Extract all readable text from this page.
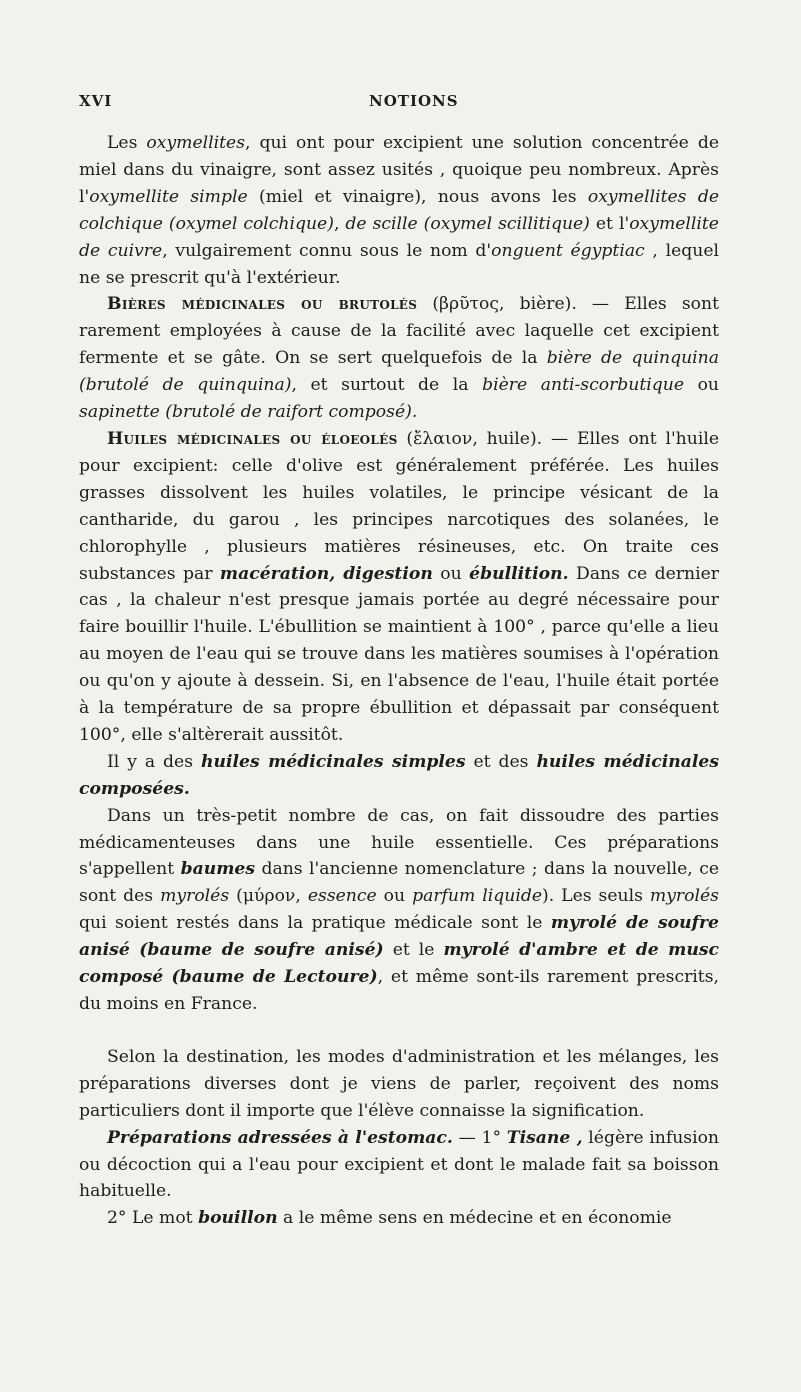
XVI	NOTIONS

Les oxymellites, qui ont pour excipient une solution concentrée de miel dans du vinaigre, sont assez usités , quoique peu nombreux. Après l'oxymellite simple (miel et vinaigre), nous avons les oxymellites de colchique (oxymel colchique), de scille (oxymel scillitique) et l'oxymellite de cuivre, vulgairement connu sous le nom d'onguent égyptiac , lequel ne se prescrit qu'à l'extérieur.

Bières médicinales ou brutolés (βρῦτος, bière). — Elles sont rarement employées à cause de la facilité avec laquelle cet excipient fermente et se gâte. On se sert quelquefois de la bière de quinquina (brutolé de quinquina), et surtout de la bière anti-scorbutique ou sapinette (brutolé de raifort composé).

Huiles médicinales ou éloeolés (ἔλαιον, huile). — Elles ont l'huile pour excipient: celle d'olive est généralement préférée. Les huiles grasses dissolvent les huiles volatiles, le principe vésicant de la cantharide, du garou , les principes narcotiques des solanées, le chlorophylle , plusieurs matières résineuses, etc. On traite ces substances par macération, digestion ou ébullition. Dans ce dernier cas , la chaleur n'est presque jamais portée au degré nécessaire pour faire bouillir l'huile. L'ébullition se maintient à 100° , parce qu'elle a lieu au moyen de l'eau qui se trouve dans les matières soumises à l'opération ou qu'on y ajoute à dessein. Si, en l'absence de l'eau, l'huile était portée à la température de sa propre ébullition et dépassait par conséquent 100°, elle s'altèrerait aussitôt.

Il y a des huiles médicinales simples et des huiles médicinales composées.

Dans un très-petit nombre de cas, on fait dissoudre des parties médicamenteuses dans une huile essentielle. Ces préparations s'appellent baumes dans l'ancienne nomenclature ; dans la nouvelle, ce sont des myrolés (μύρον, essence ou parfum liquide). Les seuls myrolés qui soient restés dans la pratique médicale sont le myrolé de soufre anisé (baume de soufre anisé) et le myrolé d'ambre et de musc composé (baume de Lectoure), et même sont-ils rarement prescrits, du moins en France.

Selon la destination, les modes d'administration et les mélanges, les préparations diverses dont je viens de parler, reçoivent des noms particuliers dont il importe que l'élève connaisse la signification.

Préparations adressées à l'estomac. — 1° Tisane , légère infusion ou décoction qui a l'eau pour excipient et dont le malade fait sa boisson habituelle.

2° Le mot bouillon a le même sens en médecine et en économie
